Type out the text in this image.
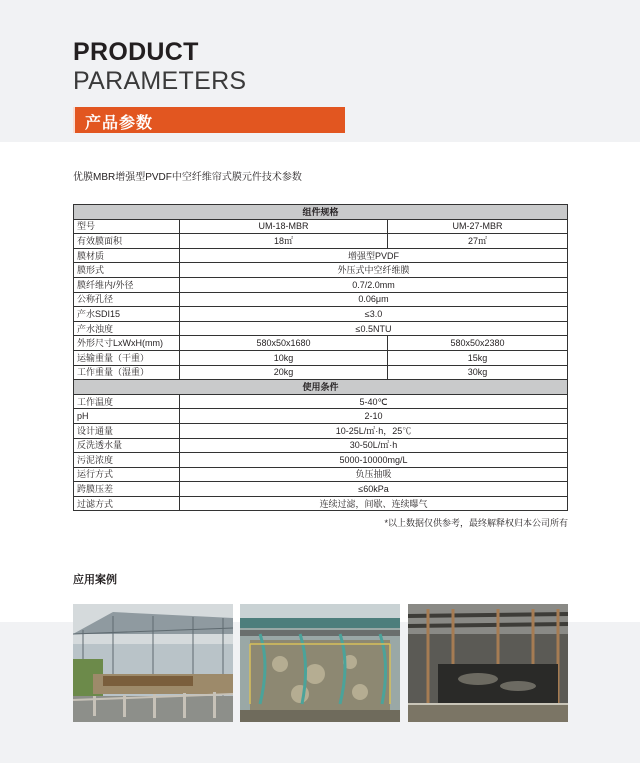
PRODUCT
PARAMETERS
产品参数
优膜MBR增强型PVDF中空纤维帘式膜元件技术参数
组件规格		
型号	UM-18-MBR	UM-27-MBR
有效膜面积	18㎡	27㎡
膜材质	增强型PVDF	
膜形式	外压式中空纤维膜	
膜纤维内/外径	0.7/2.0mm	
公称孔径	0.06μm	
产水SDI15	≤3.0	
产水浊度	≤0.5NTU	
外形尺寸LxWxH(mm)	580x50x1680	580x50x2380
运输重量（干重）	10kg	15kg
工作重量（湿重）	20kg	30kg
使用条件		
工作温度	5-40℃	
pH	2-10	
设计通量	10-25L/㎡·h，25℃	
反洗透水量	30-50L/㎡·h	
污泥浓度	5000-10000mg/L	
运行方式	负压抽吸	
跨膜压差	≤60kPa	
过滤方式	连续过滤，间歇、连续曝气	
*以上数据仅供参考，最终解释权归本公司所有
应用案例
